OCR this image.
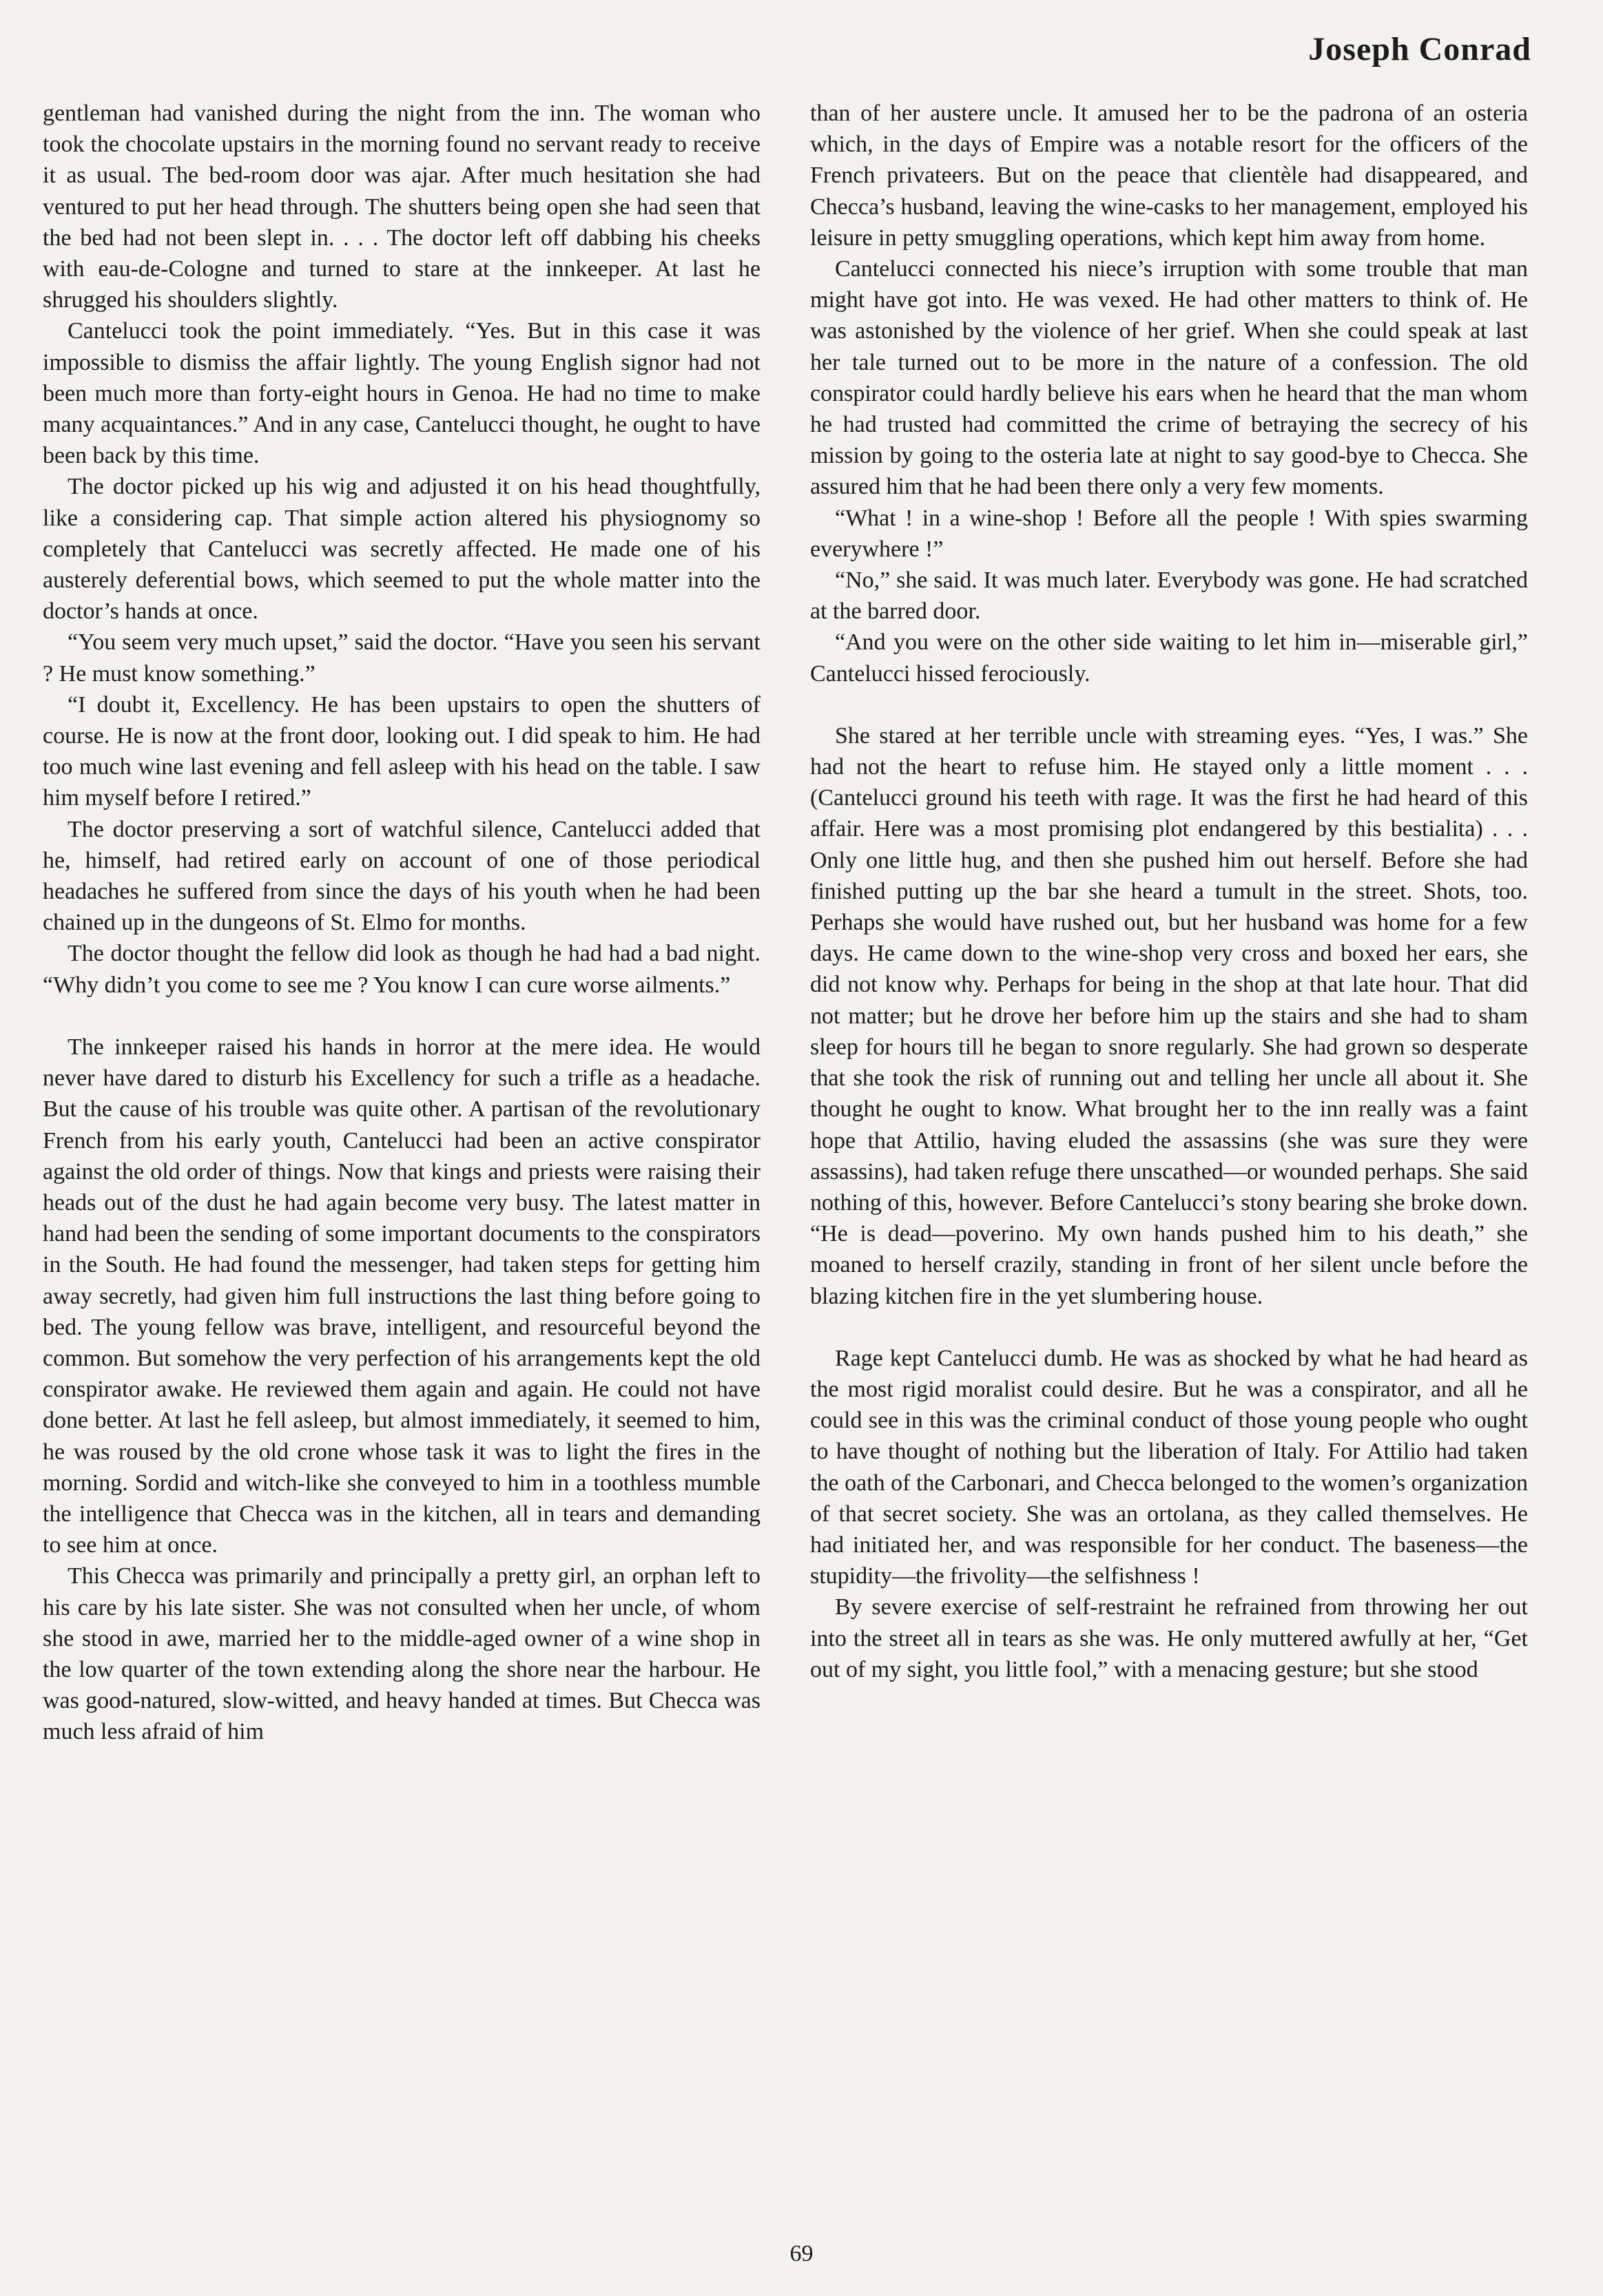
Joseph Conrad

gentleman had vanished during the night from the inn. The woman who took the chocolate upstairs in the morning found no servant ready to receive it as usual. The bed-room door was ajar. After much hesitation she had ventured to put her head through. The shutters being open she had seen that the bed had not been slept in. . . . The doctor left off dabbing his cheeks with eau-de-Cologne and turned to stare at the innkeeper. At last he shrugged his shoulders slightly.

Cantelucci took the point immediately. “Yes. But in this case it was impossible to dismiss the affair lightly. The young English signor had not been much more than forty-eight hours in Genoa. He had no time to make many acquaintances.” And in any case, Cantelucci thought, he ought to have been back by this time.

The doctor picked up his wig and adjusted it on his head thoughtfully, like a considering cap. That simple action altered his physiognomy so completely that Cantelucci was secretly affected. He made one of his austerely deferential bows, which seemed to put the whole matter into the doctor’s hands at once.

“You seem very much upset,” said the doctor. “Have you seen his servant ? He must know something.”

“I doubt it, Excellency. He has been upstairs to open the shutters of course. He is now at the front door, looking out. I did speak to him. He had too much wine last evening and fell asleep with his head on the table. I saw him myself before I retired.”

The doctor preserving a sort of watchful silence, Cantelucci added that he, himself, had retired early on account of one of those periodical headaches he suffered from since the days of his youth when he had been chained up in the dungeons of St. Elmo for months.

The doctor thought the fellow did look as though he had had a bad night. “Why didn’t you come to see me ? You know I can cure worse ailments.”

The innkeeper raised his hands in horror at the mere idea. He would never have dared to disturb his Excellency for such a trifle as a headache. But the cause of his trouble was quite other. A partisan of the revolutionary French from his early youth, Cantelucci had been an active conspirator against the old order of things. Now that kings and priests were raising their heads out of the dust he had again become very busy. The latest matter in hand had been the sending of some important documents to the conspirators in the South. He had found the messenger, had taken steps for getting him away secretly, had given him full instructions the last thing before going to bed. The young fellow was brave, intelligent, and resourceful beyond the common. But somehow the very perfection of his arrangements kept the old conspirator awake. He reviewed them again and again. He could not have done better. At last he fell asleep, but almost immediately, it seemed to him, he was roused by the old crone whose task it was to light the fires in the morning. Sordid and witch-like she conveyed to him in a toothless mumble the intelligence that Checca was in the kitchen, all in tears and demanding to see him at once.

This Checca was primarily and principally a pretty girl, an orphan left to his care by his late sister. She was not consulted when her uncle, of whom she stood in awe, married her to the middle-aged owner of a wine shop in the low quarter of the town extending along the shore near the harbour. He was good-natured, slow-witted, and heavy handed at times. But Checca was much less afraid of him

than of her austere uncle. It amused her to be the padrona of an osteria which, in the days of Empire was a notable resort for the officers of the French privateers. But on the peace that clientèle had disappeared, and Checca’s husband, leaving the wine-casks to her management, employed his leisure in petty smuggling operations, which kept him away from home.

Cantelucci connected his niece’s irruption with some trouble that man might have got into. He was vexed. He had other matters to think of. He was astonished by the violence of her grief. When she could speak at last her tale turned out to be more in the nature of a confession. The old conspirator could hardly believe his ears when he heard that the man whom he had trusted had committed the crime of betraying the secrecy of his mission by going to the osteria late at night to say good-bye to Checca. She assured him that he had been there only a very few moments.

“What ! in a wine-shop ! Before all the people ! With spies swarming everywhere !”

“No,” she said. It was much later. Everybody was gone. He had scratched at the barred door.

“And you were on the other side waiting to let him in—miserable girl,” Cantelucci hissed ferociously.

She stared at her terrible uncle with streaming eyes. “Yes, I was.” She had not the heart to refuse him. He stayed only a little moment . . . (Cantelucci ground his teeth with rage. It was the first he had heard of this affair. Here was a most promising plot endangered by this bestialita) . . . Only one little hug, and then she pushed him out herself. Before she had finished putting up the bar she heard a tumult in the street. Shots, too. Perhaps she would have rushed out, but her husband was home for a few days. He came down to the wine-shop very cross and boxed her ears, she did not know why. Perhaps for being in the shop at that late hour. That did not matter; but he drove her before him up the stairs and she had to sham sleep for hours till he began to snore regularly. She had grown so desperate that she took the risk of running out and telling her uncle all about it. She thought he ought to know. What brought her to the inn really was a faint hope that Attilio, having eluded the assassins (she was sure they were assassins), had taken refuge there unscathed—or wounded perhaps. She said nothing of this, however. Before Cantelucci’s stony bearing she broke down. “He is dead—poverino. My own hands pushed him to his death,” she moaned to herself crazily, standing in front of her silent uncle before the blazing kitchen fire in the yet slumbering house.

Rage kept Cantelucci dumb. He was as shocked by what he had heard as the most rigid moralist could desire. But he was a conspirator, and all he could see in this was the criminal conduct of those young people who ought to have thought of nothing but the liberation of Italy. For Attilio had taken the oath of the Carbonari, and Checca belonged to the women’s organization of that secret society. She was an ortolana, as they called themselves. He had initiated her, and was responsible for her conduct. The baseness—the stupidity—the frivolity—the selfishness !

By severe exercise of self-restraint he refrained from throwing her out into the street all in tears as she was. He only muttered awfully at her, “Get out of my sight, you little fool,” with a menacing gesture; but she stood

69
